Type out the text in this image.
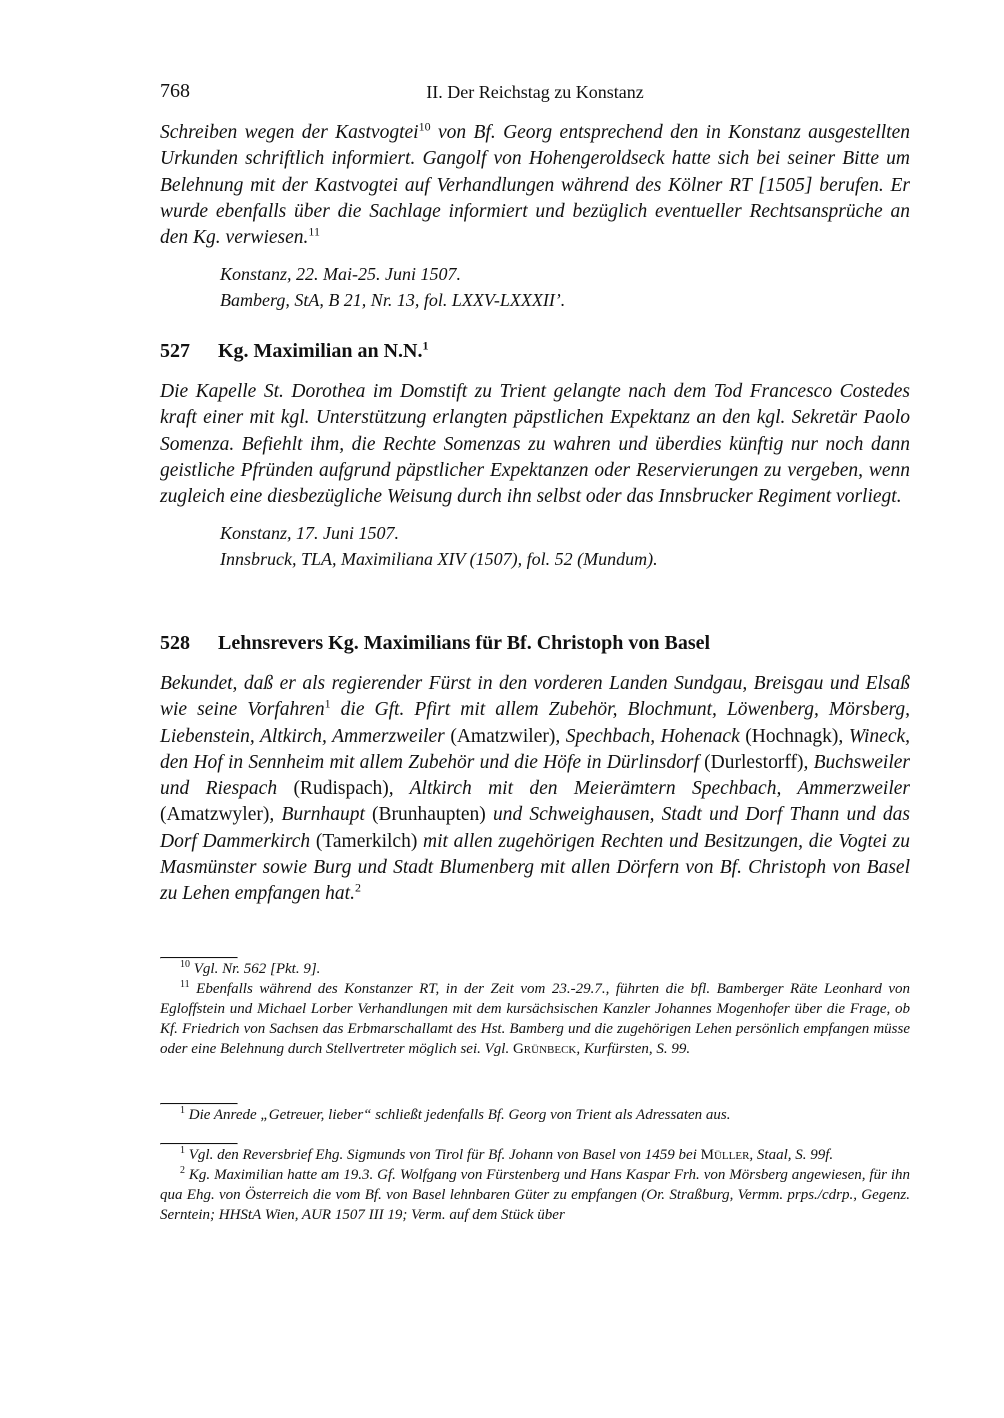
768	II. Der Reichstag zu Konstanz

Schreiben wegen der Kastvogtei$^{10}$ von Bf. Georg entsprechend den in Konstanz ausgestellten Urkunden schriftlich informiert. Gangolf von Hohengeroldseck hatte sich bei seiner Bitte um Belehnung mit der Kastvogtei auf Verhandlungen während des Kölner RT [1505] berufen. Er wurde ebenfalls über die Sachlage informiert und bezüglich eventueller Rechtsansprüche an den Kg. verwiesen.$^{11}$

Konstanz, 22. Mai-25. Juni 1507.
Bamberg, StA, B 21, Nr. 13, fol. LXXV-LXXXII’.

527 Kg. Maximilian an N.N.$^1$

Die Kapelle St. Dorothea im Domstift zu Trient gelangte nach dem Tod Francesco Costedes kraft einer mit kgl. Unterstützung erlangten päpstlichen Expektanz an den kgl. Sekretär Paolo Somenza. Befiehlt ihm, die Rechte Somenzas zu wahren und überdies künftig nur noch dann geistliche Pfründen aufgrund päpstlicher Expektanzen oder Reservierungen zu vergeben, wenn zugleich eine diesbezügliche Weisung durch ihn selbst oder das Innsbrucker Regiment vorliegt.

Konstanz, 17. Juni 1507.
Innsbruck, TLA, Maximiliana XIV (1507), fol. 52 (Mundum).

528 Lehnsrevers Kg. Maximilians für Bf. Christoph von Basel

Bekundet, daß er als regierender Fürst in den vorderen Landen Sundgau, Breisgau und Elsaß wie seine Vorfahren$^1$ die Gft. Pfirt mit allem Zubehör, Blochmunt, Löwenberg, Mörsberg, Liebenstein, Altkirch, Ammerzweiler (Amatzwiler), Spechbach, Hohenack (Hochnagk), Wineck, den Hof in Sennheim mit allem Zubehör und die Höfe in Dürlinsdorf (Durlestorff), Buchsweiler und Riespach (Rudispach), Altkirch mit den Meierämtern Spechbach, Ammerzweiler (Amatzwyler), Burnhaupt (Brunhaupten) und Schweighausen, Stadt und Dorf Thann und das Dorf Dammerkirch (Tamerkilch) mit allen zugehörigen Rechten und Besitzungen, die Vogtei zu Masmünster sowie Burg und Stadt Blumenberg mit allen Dörfern von Bf. Christoph von Basel zu Lehen empfangen hat.$^2$

$^{10}$ Vgl. Nr. 562 [Pkt. 9].

$^{11}$ Ebenfalls während des Konstanzer RT, in der Zeit vom 23.-29.7., führten die bfl. Bamberger Räte Leonhard von Egloffstein und Michael Lorber Verhandlungen mit dem kursächsischen Kanzler Johannes Mogenhofer über die Frage, ob Kf. Friedrich von Sachsen das Erbmarschallamt des Hst. Bamberg und die zugehörigen Lehen persönlich empfangen müsse oder eine Belehnung durch Stellvertreter möglich sei. Vgl. Grünbeck, Kurfürsten, S. 99.

$^1$ Die Anrede „Getreuer, lieber“ schließt jedenfalls Bf. Georg von Trient als Adressaten aus.

$^1$ Vgl. den Reversbrief Ehg. Sigmunds von Tirol für Bf. Johann von Basel von 1459 bei Müller, Staal, S. 99f.

$^2$ Kg. Maximilian hatte am 19.3. Gf. Wolfgang von Fürstenberg und Hans Kaspar Frh. von Mörsberg angewiesen, für ihn qua Ehg. von Österreich die vom Bf. von Basel lehnbaren Güter zu empfangen (Or. Straßburg, Vermm. prps./cdrp., Gegenz. Serntein; HHStA Wien, AUR 1507 III 19; Verm. auf dem Stück über
